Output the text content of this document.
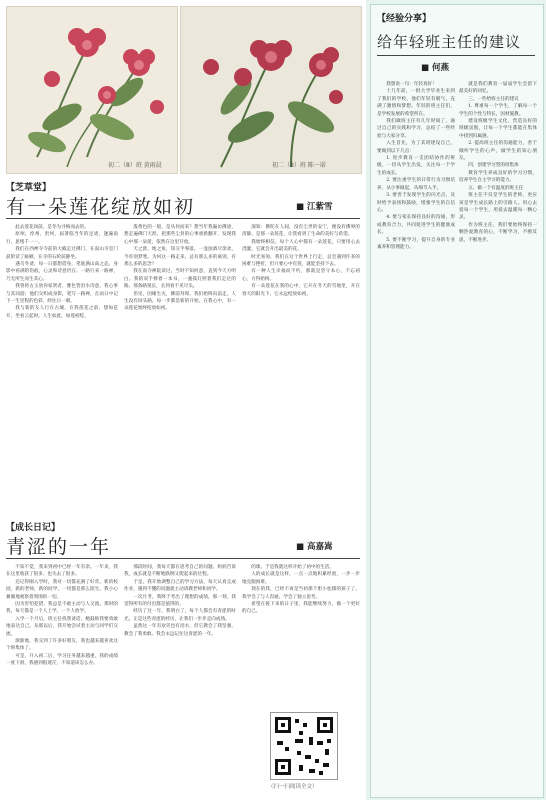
初二（8）班 黄雨晨	初二（8）班 陈一诺
【芝草堂】
有一朵莲花绽放如初	■ 江紫雪

此去莲花岗前，是冬为寻梅而去的。

原州，淳州，贵州，届著临当年的足迹，逢遍南行，思绪千一一。

我们在西禅寺寺前的大殿走过佛门，在南山寺室门前阶读了匾额，在寺的石阶前静坐。

遇乌冬请，每一日都想借身，笔底满山南之态，身影中看满的伤痕，心灵和诗意仍在。一路行来一路禅，乃无所生而生其心。

我曾将古玉放你家贤者，雅色皆泪水诗意，我心事与其同游；他们交织成身影，笔写一路禅，在雨日中记下一生里程的色彩，经往日一朝。

我与新的友人行在古城，在我莲花之前，想如花开，坐看云起时。人生如此，如莲初绽。

泼黄色的一般，是从何而来？想当年我遍访佛迹，想走遍佛门天涯，把那些尘封的心事重新翻开，发现我心中那一朵莲，依然在这里开放。

天之涯、地之角，知交半零落。一壶浊酒尽余欢，今宵别梦寒。为何这一路走来，总有那么多的离别，有那么多的思念？

我在南寺禅院读过，当时不知何意，直到今天方明白。我的双手捧着一本书，一盏孤灯照着我们走过的路。那条路很长，长到看不见尽头。

但见，因缘生灭，佛前拜叩，我们始终向前走。人生没有回头路，每一步都是新的开始。在我心中，有一朵莲花始终绽放如初。

深知：佛陀在人间，没有尘世的安宁，便没有佛界的清静。是那一朵莲花，让我看到了生命的美好与希望。

我始终相信，每个人心中都有一朵莲花，只要用心去浇灌，它就会开出最美的花。

时光匆匆，我们在这个世界上行走，总会遇到许多的困难与挫折，但只要心中有莲，就能坚持下去。

有一种人生幸福而不朽，那就是坚守本心，不忘初心，方得始终。

有一朵莲花在我的心中，它开在冬天的雪地里，开在春天的阳光下。它永远绽放如初。

【成长日记】
青涩的一年	■ 高嘉嵩

不知不觉，我来到初中已经一年有余。一年来，我在这里收获了很多，也失去了很多。

还记得刚入学时，我对一切都充满了好奇。新的校园，新的老师，新的同学，一切都是那么陌生。我小心翼翼地观察着周围的一切。

因为害怕犯错，我总是不敢主动与人交流。那时的我，每天都是一个人上学，一个人放学。

入学一个月后，班主任找我谈话，她鼓励我要勇敢地表达自己。从那以后，我开始尝试着主动与同学们交流。

渐渐地，我交到了许多好朋友，我也越来越喜欢这个班集体了。

可是，升入初二后，学习任务越来越重，我的成绩一度下滑，我感到很迷茫，不知道该怎么办。

那段时间，我每天都在思考自己的问题。妈妈告诉我，成长就是不断地跌倒又爬起来的过程。

于是，我开始调整自己的学习方法，每天认真完成作业，遇到不懂的问题就主动请教老师和同学。

一次月考，我终于考出了理想的成绩，那一刻，我觉得所有的付出都是值得的。

经历了这一年，我明白了，每个人都会有青涩的时光。正是这些青涩的经历，让我们一步步走向成熟。

虽然这一年有欢笑也有泪水，但它教会了我坚强，教会了我勇敢。我会永远记住这青涩的一年。

的课。于是我就这样开始了初中的生活。

人的成长就是这样，一点一点地积累经验，一步一步地克服困难。

现在的我，已经不再是当初那个胆小怯懦的孩子了。我学会了与人沟通，学会了独立思考。

希望在接下来的日子里，我能继续努力，做一个更好的自己。

（扫一扫阅读全文）
【经验分享】
给年轻班主任的建议
■ 何燕

我想说一句：年轻真好！

十几年前，一批大学毕业生来到了我们的学校，他们年轻有朝气，充满了激情和梦想。年轻的班主任们，是学校发展的希望所在。

我们做班主任有几年时间了，通过自己的实践和学习，总结了一些经验与大家分享。

入生首先，为了其班建设自己，要做到以下几点：

1. 进步教育一支团结协作的班级，一切从学生出发，关注每一个学生的成长。

2. 要注重学生的日常行为习惯培养，从小事做起，从细节入手。

3. 要善于发现学生的闪光点，及时给予表扬和鼓励，增强学生的自信心。

4. 要与家长保持良好的沟通，形成教育合力，共同促进学生的健康成长。

5. 要不断学习，提升自身的专业素养和管理能力。

就是我们教育一届届学生会留下最美好的回忆。

三、一些给班主任的建议

1. 尊重每一个学生，了解每一个学生的个性与特长，因材施教。

建设班级学生文化，营造良好的班级氛围，让每一个学生都能在集体中找到归属感。

2. 提高班主任的沟通能力，善于倾听学生的心声，做学生的知心朋友。

四、创建学习型的班集体

教育学生养成良好的学习习惯，培养学生自主学习的能力。

五、做一个有温度的班主任

班主任不仅是学生的老师，更应该是学生成长路上的引路人。用心去爱每一个学生，用爱去温暖每一颗心灵。

作为班主任，我们要始终保持一颗热爱教育的心，不断学习，不断反思，不断进步。
